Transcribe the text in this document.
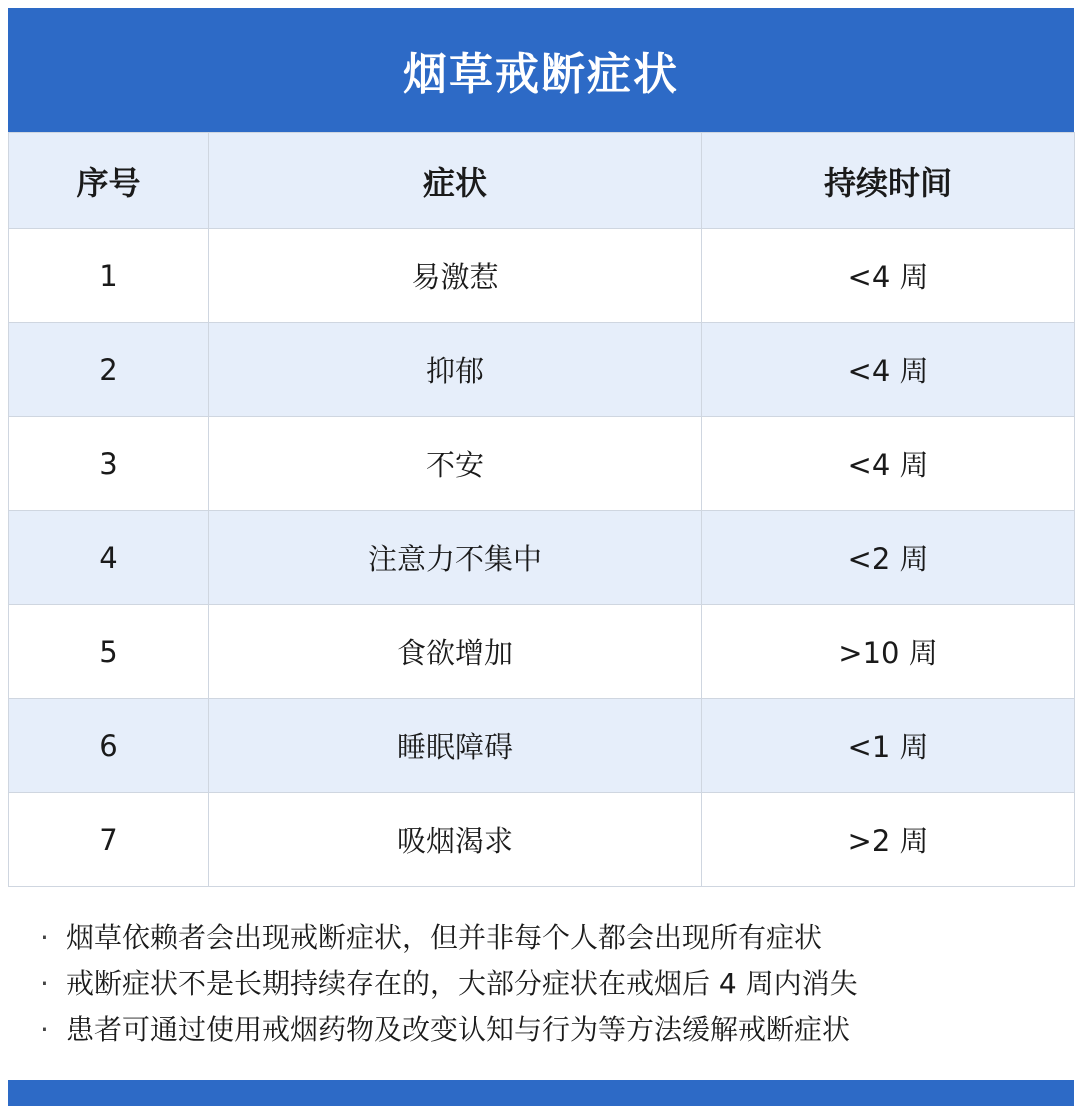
烟草戒断症状
序号	症状	持续时间
1	易激惹	<4 周
2	抑郁	<4 周
3	不安	<4 周
4	注意力不集中	<2 周
5	食欲增加	>10 周
6	睡眠障碍	<1 周
7	吸烟渴求	>2 周
· 烟草依赖者会出现戒断症状，但并非每个人都会出现所有症状
· 戒断症状不是长期持续存在的，大部分症状在戒烟后 4 周内消失
· 患者可通过使用戒烟药物及改变认知与行为等方法缓解戒断症状
